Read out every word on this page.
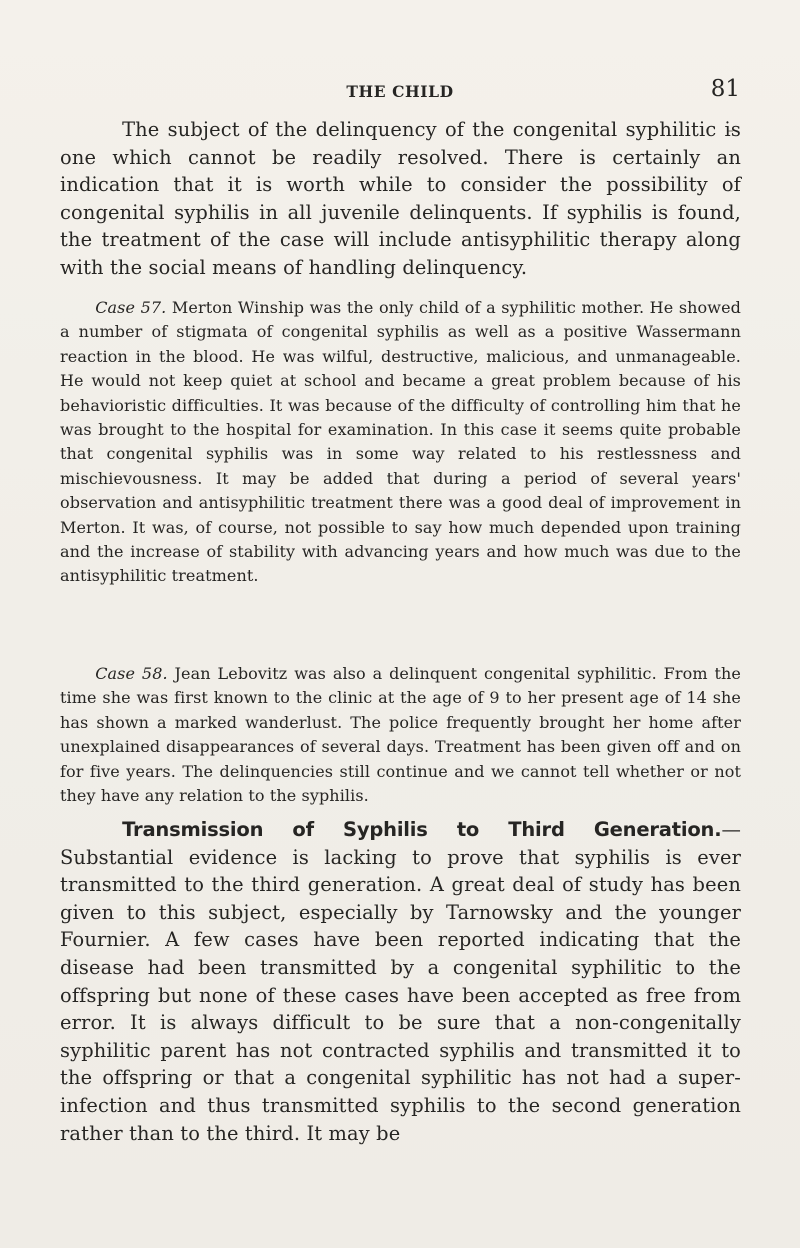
THE CHILD	81

The subject of the delinquency of the congenital syphilitic is one which cannot be readily resolved. There is certainly an indication that it is worth while to consider the possibility of congenital syphilis in all juvenile delinquents. If syphilis is found, the treatment of the case will include antisyphilitic therapy along with the social means of handling delinquency.

Case 57. Merton Winship was the only child of a syphilitic mother. He showed a number of stigmata of congenital syphilis as well as a positive Wassermann reaction in the blood. He was wilful, destructive, malicious, and unmanageable. He would not keep quiet at school and became a great problem because of his behavioristic difficulties. It was because of the difficulty of controlling him that he was brought to the hospital for examination. In this case it seems quite probable that congenital syphilis was in some way related to his restlessness and mischievousness. It may be added that during a period of several years' observation and antisyphilitic treatment there was a good deal of improvement in Merton. It was, of course, not possible to say how much depended upon training and the increase of stability with advancing years and how much was due to the antisyphilitic treatment.

Case 58. Jean Lebovitz was also a delinquent congenital syphilitic. From the time she was first known to the clinic at the age of 9 to her present age of 14 she has shown a marked wanderlust. The police frequently brought her home after unexplained disappearances of several days. Treatment has been given off and on for five years. The delinquencies still continue and we cannot tell whether or not they have any relation to the syphilis.

Transmission of Syphilis to Third Generation.—Substantial evidence is lacking to prove that syphilis is ever transmitted to the third generation. A great deal of study has been given to this subject, especially by Tarnowsky and the younger Fournier. A few cases have been reported indicating that the disease had been transmitted by a congenital syphilitic to the offspring but none of these cases have been accepted as free from error. It is always difficult to be sure that a non-congenitally syphilitic parent has not contracted syphilis and transmitted it to the offspring or that a congenital syphilitic has not had a super-infection and thus transmitted syphilis to the second generation rather than to the third. It may be
